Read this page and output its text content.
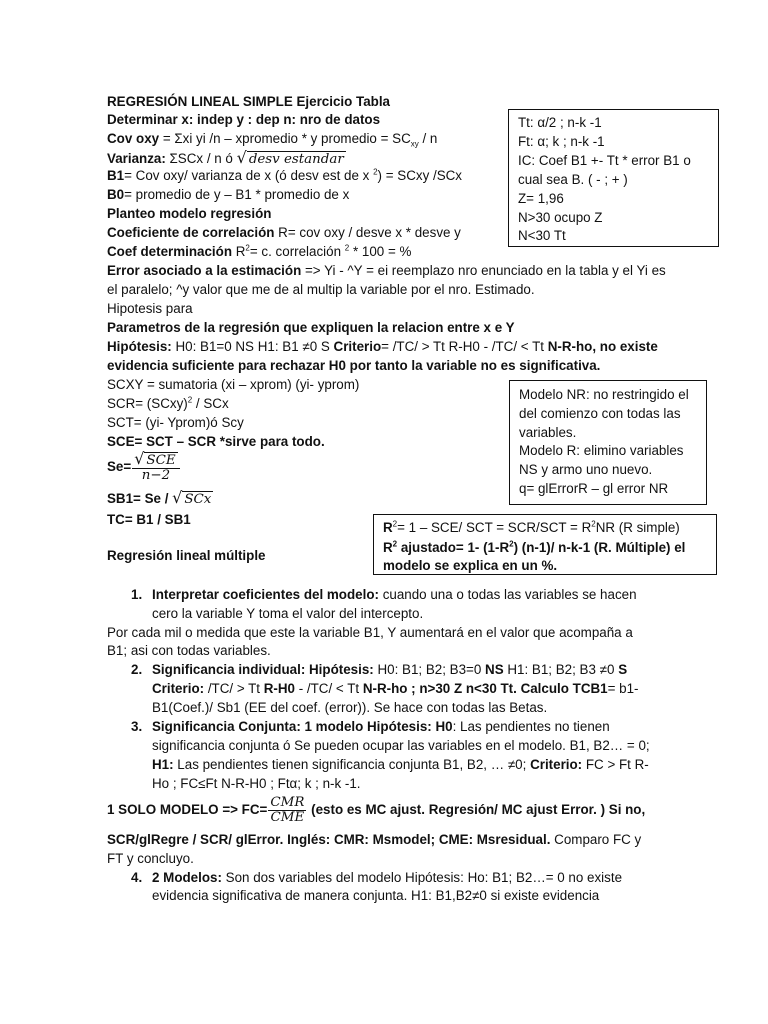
REGRESIÓN LINEAL SIMPLE Ejercicio Tabla
Determinar x: indep y : dep n: nro de datos
Cov oxy = Σxi yi /n – xpromedio * y promedio = $SC_{xy}$ / n
Varianza: ΣSCx / n ó √ desv estandar
B1= Cov oxy/ varianza de x (ó desv est de x $^2$) = SCxy /SCx
B0= promedio de y – B1 * promedio de x
Planteo modelo regresión
Coeficiente de correlación R= cov oxy / desve x * desve y
Coef determinación $R^2= c$. correlación $^2$ * 100 = %
Error asociado a la estimación => Yi - ^Y = ei reemplazo nro enunciado en la tabla y el Yi es
el paralelo; ^y valor que me de al multip la variable por el nro. Estimado.
Hipotesis para
Parametros de la regresión que expliquen la relacion entre x e Y
Hipótesis: H0: B1=0 NS H1: B1 ≠0 S Criterio= /TC/ > Tt R-H0 - /TC/ < Tt N-R-ho, no existe
evidencia suficiente para rechazar H0 por tanto la variable no es significativa.
SCXY = sumatoria (xi – xprom) (yi- yprom)
SCR= (SCxy)$^2$ / SCx
SCT= (yi- Yprom)ó Scy
SCE= SCT – SCR *sirve para todo.
$Se= \frac{\text{√ SCE}}{n-2}$
SB1= Se / √ SCx
TC= B1 / SB1
Regresión lineal múltiple
1. Interpretar coeficientes del modelo: cuando una o todas las variables se hacen
cero la variable Y toma el valor del intercepto.
Por cada mil o medida que este la variable B1, Y aumentará en el valor que acompaña a
B1; asi con todas variables.
2. Significancia individual: Hipótesis: H0: B1; B2; B3=0 NS H1: B1; B2; B3 ≠0 S
Criterio: /TC/ > Tt R-H0 - /TC/ < Tt N-R-ho ; n>30 Z n<30 Tt. Calculo TCB1= b1-
B1(Coef.)/ Sb1 (EE del coef. (error)). Se hace con todas las Betas.
3. Significancia Conjunta: 1 modelo Hipótesis: H0: Las pendientes no tienen
significancia conjunta ó Se pueden ocupar las variables en el modelo. B1, B2… = 0;
H1: Las pendientes tienen significancia conjunta B1, B2, … ≠0; Criterio: FC > Ft R-
Ho ; FC≤Ft N-R-H0 ; Ftα; k ; n-k -1.
1 SOLO MODELO => $FC= \frac{\text{CMR}}{\text{CME}}$ (esto es MC ajust. Regresión/ MC ajust Error. ) Si no,
SCR/glRegre / SCR/ glError. Inglés: CMR: Msmodel; CME: Msresidual. Comparo FC y
FT y concluyo.
4. 2 Modelos: Son dos variables del modelo Hipótesis: Ho: B1; B2…= 0 no existe
evidencia significativa de manera conjunta. H1: B1,B2≠0 si existe evidencia
Tt: α/2 ; n-k -1
Ft: α; k ; n-k -1
IC: Coef B1 +- Tt * error B1 o
cual sea B. ( - ; + )
Z= 1,96
N>30 ocupo Z
N<30 Tt
Modelo NR: no restringido el
del comienzo con todas las
variables.
Modelo R: elimino variables
NS y armo uno nuevo.
q= glErrorR – gl error NR
$R^2= 1 - SCE/$ SCT = $SCR/SCT = R^2NR$ (R simple)
$R^2$ ajustado= 1- $(1-R^2)$ (n-1)/ n-k-1 (R. Múltiple) el
modelo se explica en un %.
